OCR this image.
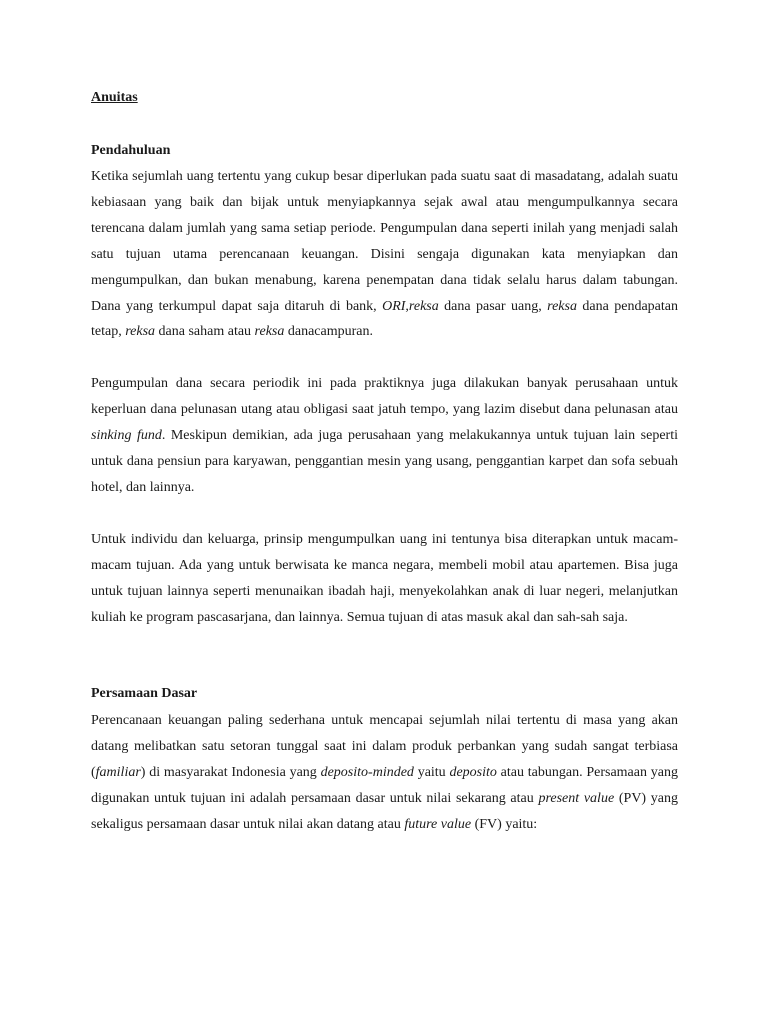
Anuitas
Pendahuluan

Ketika sejumlah uang tertentu yang cukup besar diperlukan pada suatu saat di masadatang, adalah suatu kebiasaan yang baik dan bijak untuk menyiapkannya sejak awal atau mengumpulkannya secara terencana dalam jumlah yang sama setiap periode. Pengumpulan dana seperti inilah yang menjadi salah satu tujuan utama perencanaan keuangan. Disini sengaja digunakan kata menyiapkan dan mengumpulkan, dan bukan menabung, karena penempatan dana tidak selalu harus dalam tabungan. Dana yang terkumpul dapat saja ditaruh di bank, ORI,reksa dana pasar uang, reksa dana pendapatan tetap, reksa dana saham atau reksa danacampuran.

Pengumpulan dana secara periodik ini pada praktiknya juga dilakukan banyak perusahaan untuk keperluan dana pelunasan utang atau obligasi saat jatuh tempo, yang lazim disebut dana pelunasan atau sinking fund. Meskipun demikian, ada juga perusahaan yang melakukannya untuk tujuan lain seperti untuk dana pensiun para karyawan, penggantian mesin yang usang, penggantian karpet dan sofa sebuah hotel, dan lainnya.

Untuk individu dan keluarga, prinsip mengumpulkan uang ini tentunya bisa diterapkan untuk macam-macam tujuan. Ada yang untuk berwisata ke manca negara, membeli mobil atau apartemen. Bisa juga untuk tujuan lainnya seperti menunaikan ibadah haji, menyekolahkan anak di luar negeri, melanjutkan kuliah ke program pascasarjana, dan lainnya. Semua tujuan di atas masuk akal dan sah-sah saja.

Persamaan Dasar

Perencanaan keuangan paling sederhana untuk mencapai sejumlah nilai tertentu di masa yang akan datang melibatkan satu setoran tunggal saat ini dalam produk perbankan yang sudah sangat terbiasa (familiar) di masyarakat Indonesia yang deposito-minded yaitu deposito atau tabungan. Persamaan yang digunakan untuk tujuan ini adalah persamaan dasar untuk nilai sekarang atau present value (PV) yang sekaligus persamaan dasar untuk nilai akan datang atau future value (FV) yaitu:
